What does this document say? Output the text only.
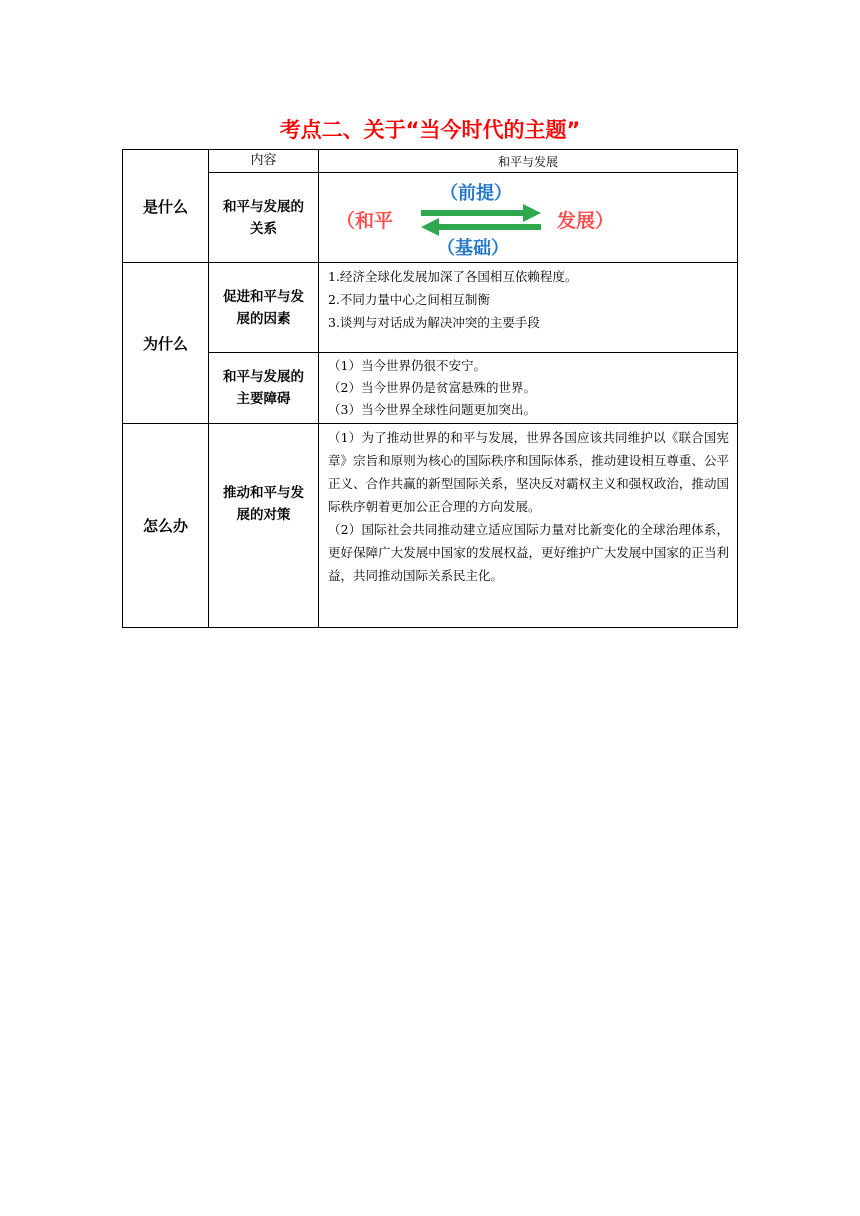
考点二、关于“当今时代的主题”
是什么	内容	和平与发展
	和平与发展的关系	（和平
（前提）
发展）
（基础）

为什么	促进和平与发展的因素	1.经济全球化发展加深了各国相互依赖程度。

2.不同力量中心之间相互制衡

3.谈判与对话成为解决冲突的主要手段

	和平与发展的主要障碍	（1）当今世界仍很不安宁。

（2）当今世界仍是贫富悬殊的世界。

（3）当今世界全球性问题更加突出。

怎么办	推动和平与发展的对策	（1）为了推动世界的和平与发展，世界各国应该共同维护以《联合国宪章》宗旨和原则为核心的国际秩序和国际体系，推动建设相互尊重、公平正义、合作共赢的新型国际关系，坚决反对霸权主义和强权政治，推动国际秩序朝着更加公正合理的方向发展。

（2）国际社会共同推动建立适应国际力量对比新变化的全球治理体系，更好保障广大发展中国家的发展权益，更好维护广大发展中国家的正当利益，共同推动国际关系民主化。
